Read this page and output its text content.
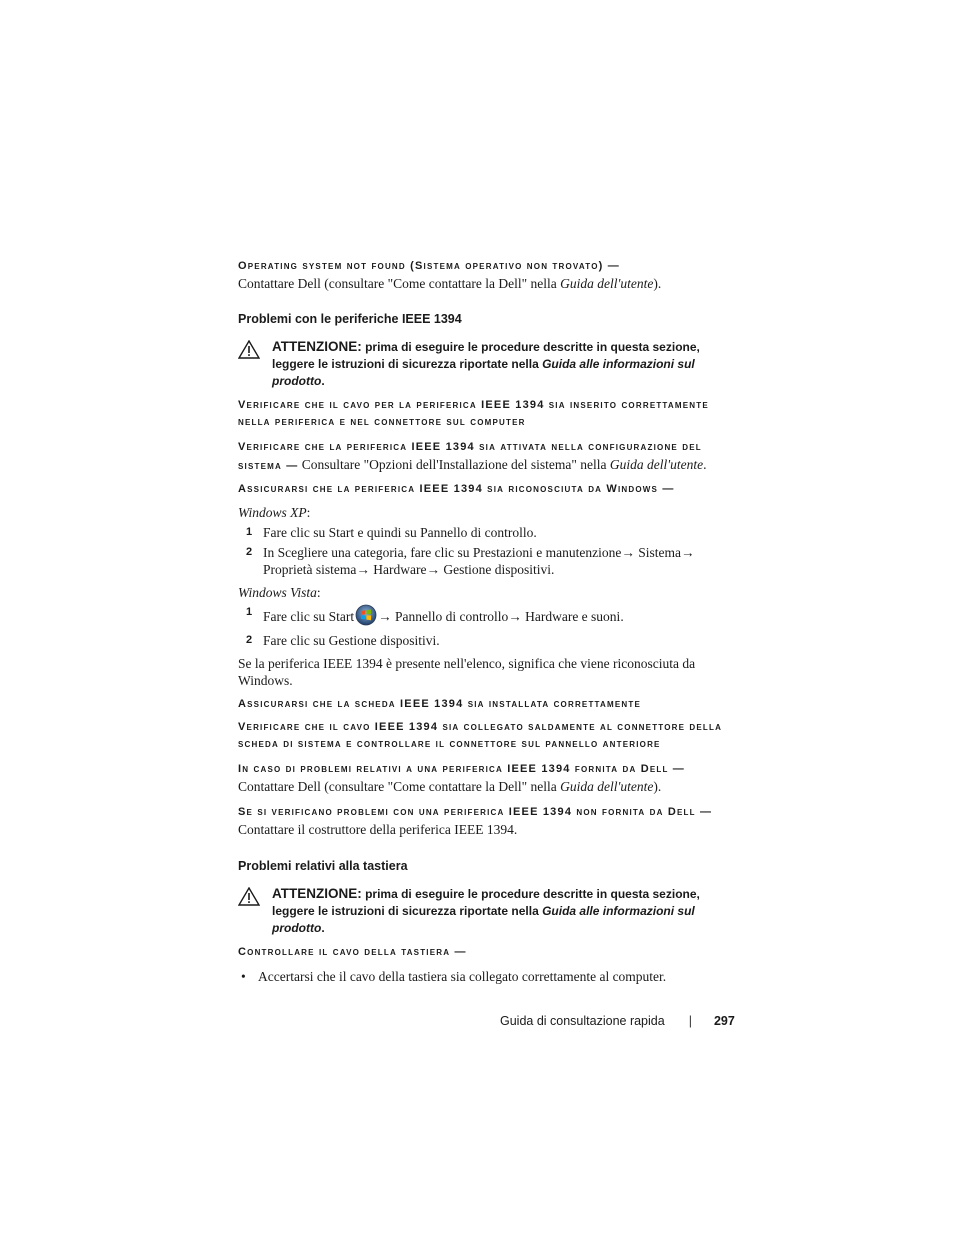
Operating system not found (Sistema operativo non trovato) —
Contattare Dell (consultare "Come contattare la Dell" nella Guida dell'utente).
Problemi con le periferiche IEEE 1394
ATTENZIONE: prima di eseguire le procedure descritte in questa sezione, leggere le istruzioni di sicurezza riportate nella Guida alle informazioni sul prodotto.
Verificare che il cavo per la periferica IEEE 1394 sia inserito correttamente nella periferica e nel connettore sul computer
Verificare che la periferica IEEE 1394 sia attivata nella configurazione del sistema — Consultare "Opzioni dell'Installazione del sistema" nella Guida dell'utente.
Assicurarsi che la periferica IEEE 1394 sia riconosciuta da Windows —
Windows XP:
1 Fare clic su Start e quindi su Pannello di controllo.
2 In Scegliere una categoria, fare clic su Prestazioni e manutenzione→ Sistema→ Proprietà sistema→ Hardware→ Gestione dispositivi.
Windows Vista:
1 Fare clic su Start → Pannello di controllo→ Hardware e suoni.
2 Fare clic su Gestione dispositivi.
Se la periferica IEEE 1394 è presente nell'elenco, significa che viene riconosciuta da Windows.
Assicurarsi che la scheda IEEE 1394 sia installata correttamente
Verificare che il cavo IEEE 1394 sia collegato saldamente al connettore della scheda di sistema e controllare il connettore sul pannello anteriore
In caso di problemi relativi a una periferica IEEE 1394 fornita da Dell — Contattare Dell (consultare "Come contattare la Dell" nella Guida dell'utente).
Se si verificano problemi con una periferica IEEE 1394 non fornita da Dell — Contattare il costruttore della periferica IEEE 1394.
Problemi relativi alla tastiera
ATTENZIONE: prima di eseguire le procedure descritte in questa sezione, leggere le istruzioni di sicurezza riportate nella Guida alle informazioni sul prodotto.
Controllare il cavo della tastiera —
• Accertarsi che il cavo della tastiera sia collegato correttamente al computer.
Guida di consultazione rapida | 297
